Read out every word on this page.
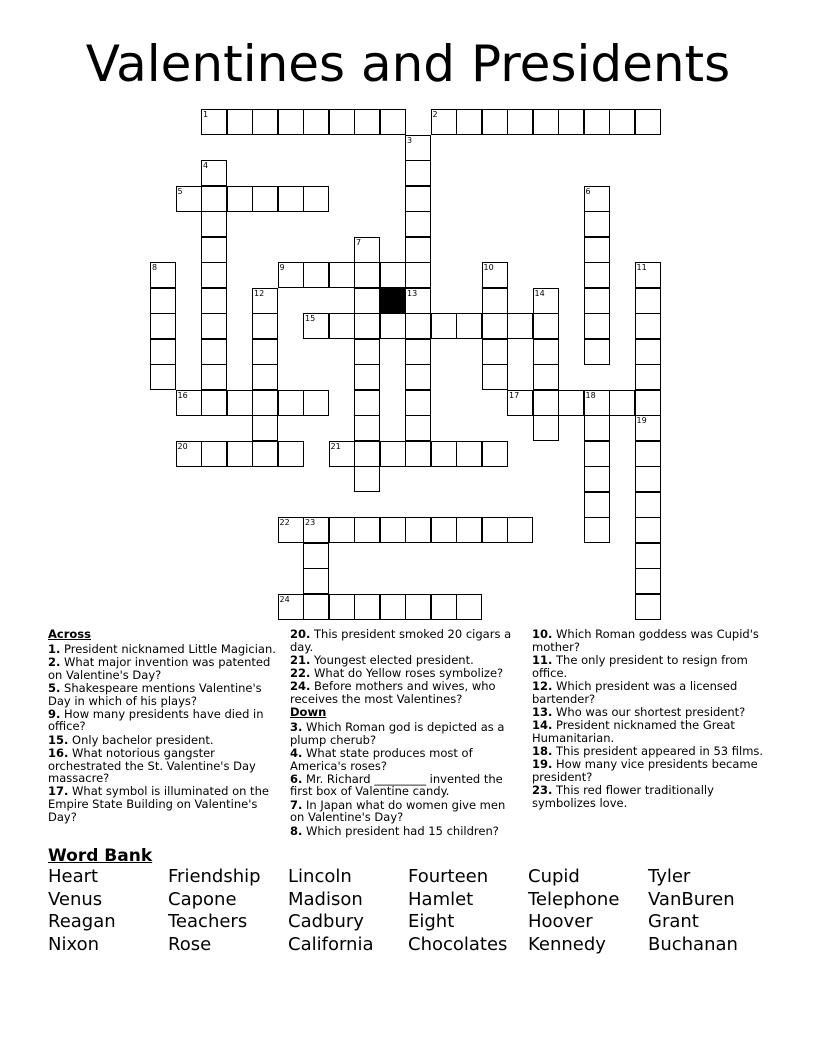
Valentines and Presidents
1	2
3
4
5	6
7
8	9	10	11
12	13	14
15
16	17	18
19
20	21
22 23
24
Across

1. President nicknamed Little Magician.

2. What major invention was patented on Valentine's Day?

5. Shakespeare mentions Valentine's Day in which of his plays?

9. How many presidents have died in office?

15. Only bachelor president.

16. What notorious gangster orchestrated the St. Valentine's Day massacre?

17. What symbol is illuminated on the Empire State Building on Valentine's Day?

20. This president smoked 20 cigars a day.

21. Youngest elected president.

22. What do Yellow roses symbolize?

24. Before mothers and wives, who receives the most Valentines?

Down

3. Which Roman god is depicted as a plump cherub?

4. What state produces most of America's roses?

6. Mr. Richard _________ invented the first box of Valentine candy.

7. In Japan what do women give men on Valentine's Day?

8. Which president had 15 children?

10. Which Roman goddess was Cupid's mother?

11. The only president to resign from office.

12. Which president was a licensed bartender?

13. Who was our shortest president?

14. President nicknamed the Great Humanitarian.

18. This president appeared in 53 films.

19. How many vice presidents became president?

23. This red flower traditionally symbolizes love.

Word Bank
Heart	Friendship	Lincoln	Fourteen	Cupid	Tyler
Venus	Capone	Madison	Hamlet	Telephone	VanBuren
Reagan	Teachers	Cadbury	Eight	Hoover	Grant
Nixon	Rose	California	Chocolates	Kennedy	Buchanan
